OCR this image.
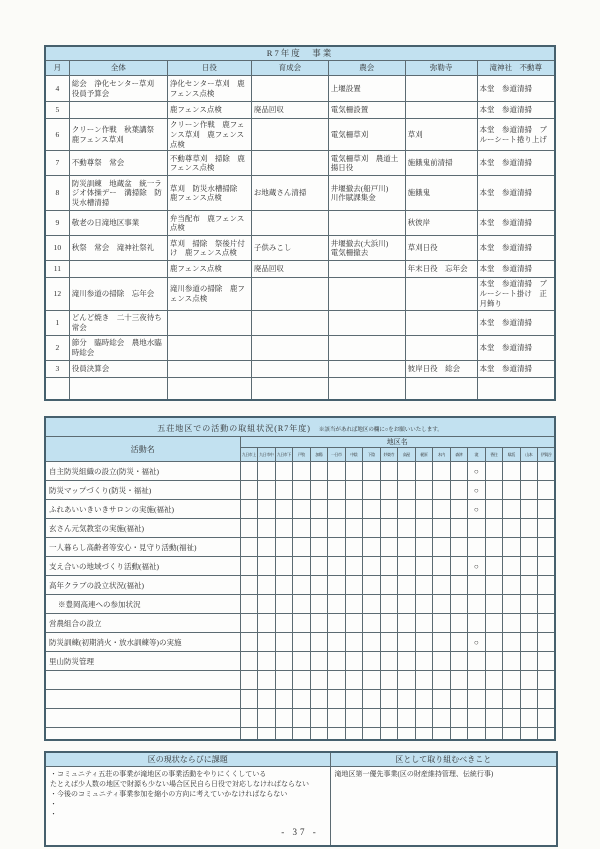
R7年度　事業						
月	全体	日役	育成会	農会	弥勒寺	滝神社　不動尊
4	総会　浄化センター草刈　役員予算会	浄化センター草刈　鹿フェンス点検		上堰設置		本堂　参道清掃
5		鹿フェンス点検	廃品回収	電気柵設置		本堂　参道清掃
6	クリーン作戦　秋葉講祭　鹿フェンス草刈	クリーン作戦　鹿フェンス草刈　鹿フェンス点検		電気柵草刈	草刈	本堂　参道清掃　ブルーシート捲り上げ
7	不動尊祭　常会	不動尊草刈　掃除　鹿フェンス点検		電気柵草刈　農道土揚日役	施餓鬼前清掃	本堂　参道清掃
8	防災訓練　地蔵盆　統一ラジオ体操デー　溝掃除　防災水槽清掃	草刈　防災水槽掃除　鹿フェンス点検	お地蔵さん清掃	井堰撤去(船戸川)　川作賦課集金	施餓鬼	本堂　参道清掃
9	敬老の日滝地区事業	弁当配布　鹿フェンス点検			秋彼岸	本堂　参道清掃
10	秋祭　常会　滝神社祭礼	草刈　掃除　祭後片付け　鹿フェンス点検	子供みこし	井堰撤去(大浜川)　電気柵撤去	草刈日役	本堂　参道清掃
11		鹿フェンス点検	廃品回収		年末日役　忘年会	本堂　参道清掃
12	滝川参道の掃除　忘年会	滝川参道の掃除　鹿フェンス点検				本堂　参道清掃　ブルーシート掛け　正月飾り
1	どんど焼き　二十三夜待ち　常会					本堂　参道清掃
2	節分　臨時総会　農地水臨時総会					本堂　参道清掃
3	役員決算会				彼岸日役　総会	本堂　参道清掃

五荘地区での活動の取組状況(R7年度) ※該当があれば地区の欄に○をお願いいたします。																		
活動名	地区名																	
	九日市上	九日市中	九日市下	戸牧	加陽	一日市	中陰	下陰	妙楽寺	高屋	梶原	木内	森津	滝	香住	駄坂	山本	伊賀谷
自主防災組織の設立(防災・福祉)														○				
防災マップづくり(防災・福祉)														○				
ふれあいいきいきサロンの実施(福祉)														○				
玄さん元気教室の実施(福祉)																		
一人暮らし高齢者等安心・見守り活動(福祉)																		
支え合いの地域づくり活動(福祉)														○				
高年クラブの設立状況(福祉)																		
※豊岡高連への参加状況																		
営農組合の設立																		
防災訓練(初期消火・放水訓練等)の実施														○				
里山防災管理																		

区の現状ならびに課題	区として取り組むべきこと

・コミュニティ五荘の事業が滝地区の事業活動をやりにくくしている
たとえば少人数の地区で財源も少ない場合区民自ら日役で対応しなければならない
・今後のコミュニティ事業参加を縮小の方向に考えていかなければならない
・
・	滝地区第一優先事業(区の財産維持管理、伝統行事)
- 37 -
